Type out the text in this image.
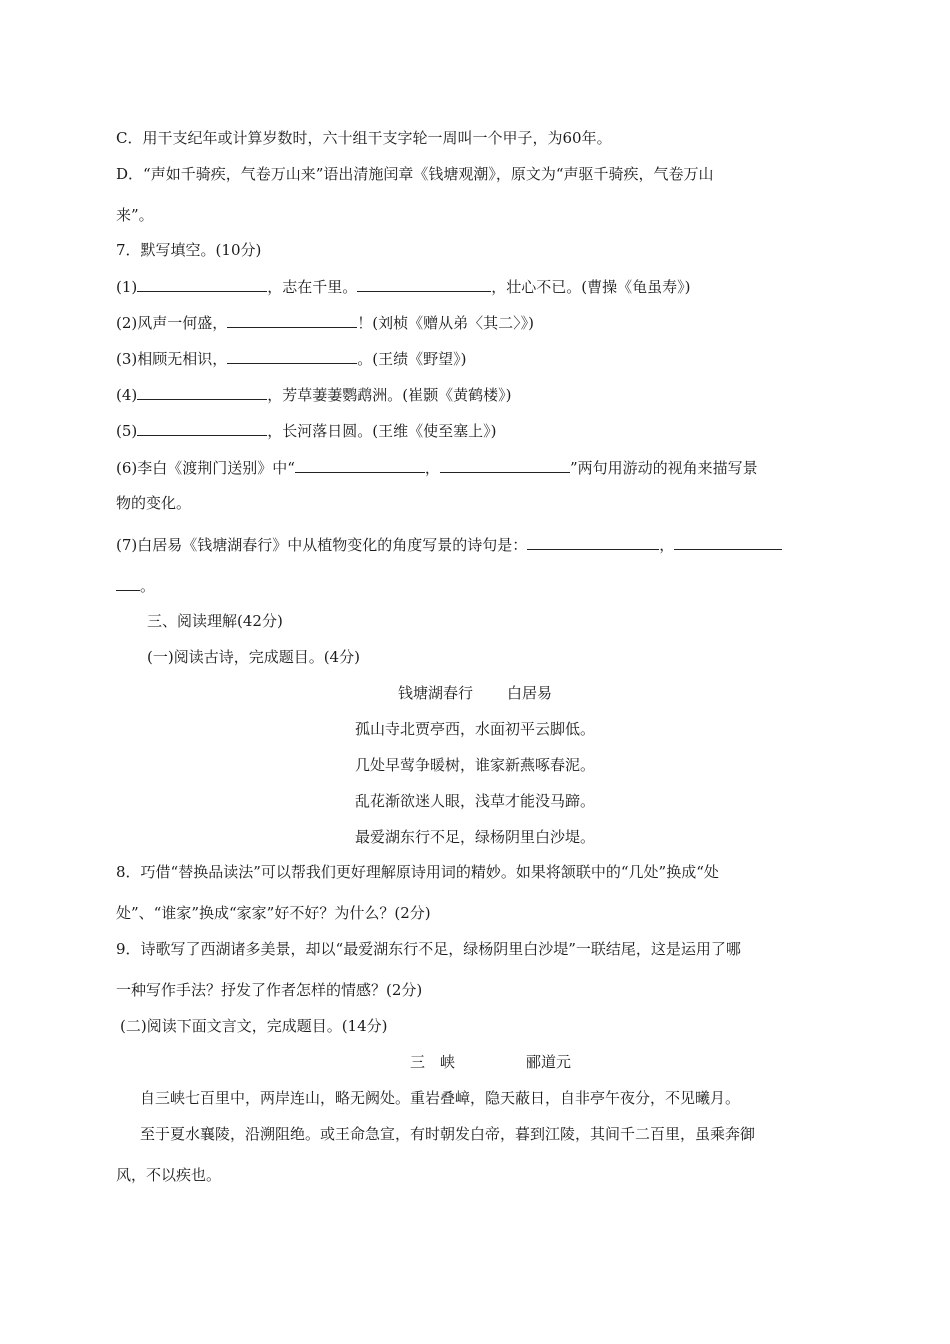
C．用干支纪年或计算岁数时，六十组干支字轮一周叫一个甲子，为60年。
D．“声如千骑疾，气卷万山来”语出清施闰章《钱塘观潮》，原文为“声驱千骑疾，气卷万山
来”。
7．默写填空。(10分)
(1)	，志在千里。	，壮心不已。(曹操《龟虽寿》)
(2)风声一何盛，	！(刘桢《赠从弟〈其二〉》)
(3)相顾无相识，	。(王绩《野望》)
(4)	，芳草萋萋鹦鹉洲。(崔颢《黄鹤楼》)
(5)	，长河落日圆。(王维《使至塞上》)
(6)李白《渡荆门送别》中“	，	”两句用游动的视角来描写景
物的变化。
(7)白居易《钱塘湖春行》中从植物变化的角度写景的诗句是：	，
。
三、阅读理解(42分)
(一)阅读古诗，完成题目。(4分)
钱塘湖春行 白居易
孤山寺北贾亭西，水面初平云脚低。
几处早莺争暖树，谁家新燕啄春泥。
乱花渐欲迷人眼，浅草才能没马蹄。
最爱湖东行不足，绿杨阴里白沙堤。
8．巧借“替换品读法”可以帮我们更好理解原诗用词的精妙。如果将颔联中的“几处”换成“处
处”、“谁家”换成“家家”好不好？为什么？(2分)
9．诗歌写了西湖诸多美景，却以“最爱湖东行不足，绿杨阴里白沙堤”一联结尾，这是运用了哪
一种写作手法？抒发了作者怎样的情感？(2分)
(二)阅读下面文言文，完成题目。(14分)
三　峡	郦道元
自三峡七百里中，两岸连山，略无阙处。重岩叠嶂，隐天蔽日，自非亭午夜分，不见曦月。
至于夏水襄陵，沿溯阻绝。或王命急宣，有时朝发白帝，暮到江陵，其间千二百里，虽乘奔御
风，不以疾也。
